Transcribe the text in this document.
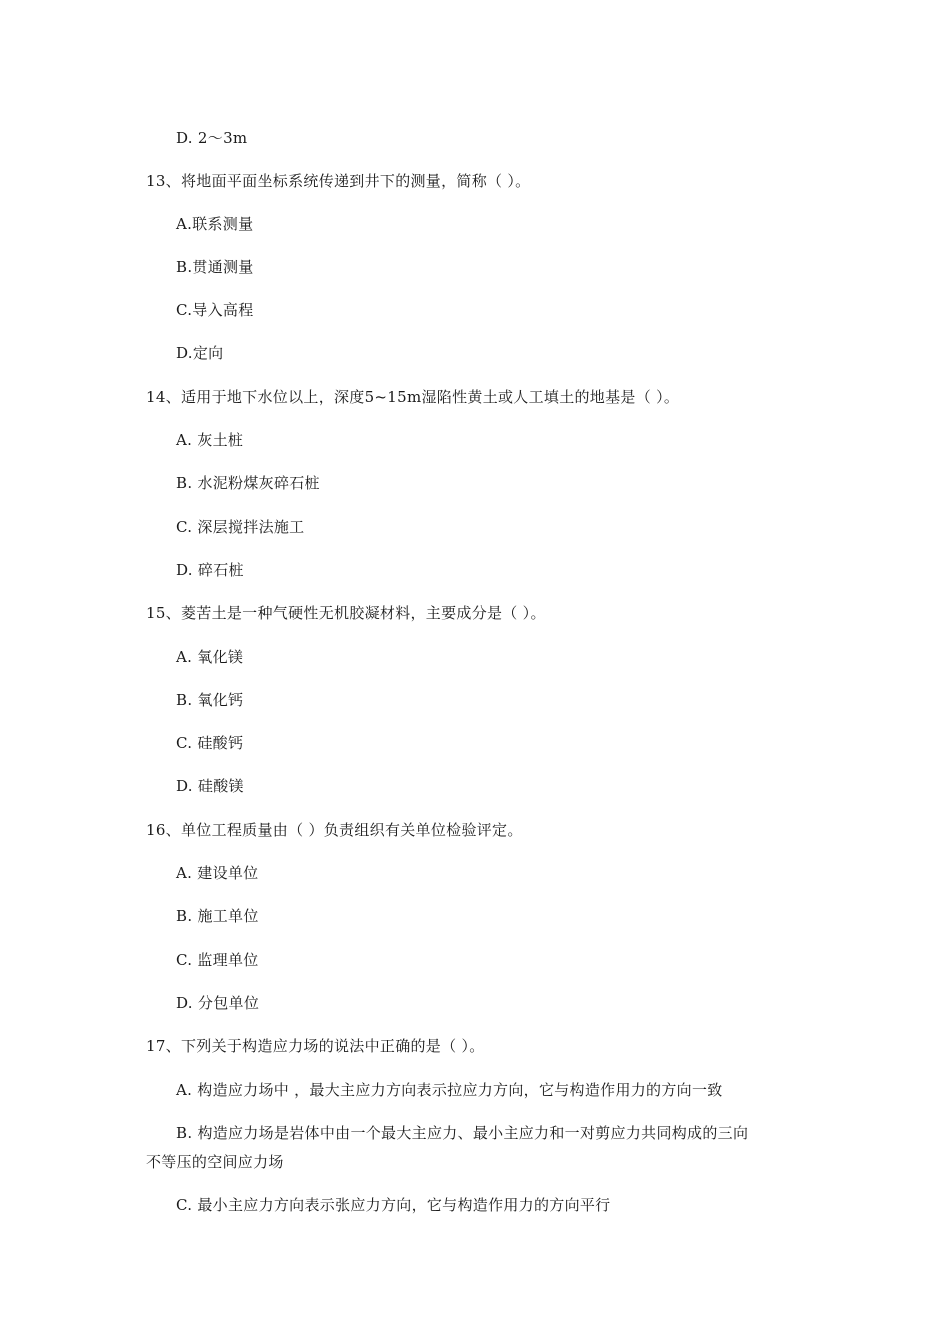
D. 2～3m
13、将地面平面坐标系统传递到井下的测量，简称（ ）。
A.联系测量
B.贯通测量
C.导入高程
D.定向
14、适用于地下水位以上，深度5~15m湿陷性黄土或人工填土的地基是（ ）。
A. 灰土桩
B. 水泥粉煤灰碎石桩
C. 深层搅拌法施工
D. 碎石桩
15、菱苦土是一种气硬性无机胶凝材料，主要成分是（ ）。
A. 氧化镁
B. 氧化钙
C. 硅酸钙
D. 硅酸镁
16、单位工程质量由（ ）负责组织有关单位检验评定。
A. 建设单位
B. 施工单位
C. 监理单位
D. 分包单位
17、下列关于构造应力场的说法中正确的是（ ）。
A. 构造应力场中 ，最大主应力方向表示拉应力方向，它与构造作用力的方向一致
B. 构造应力场是岩体中由一个最大主应力、最小主应力和一对剪应力共同构成的三向
不等压的空间应力场
C. 最小主应力方向表示张应力方向，它与构造作用力的方向平行
